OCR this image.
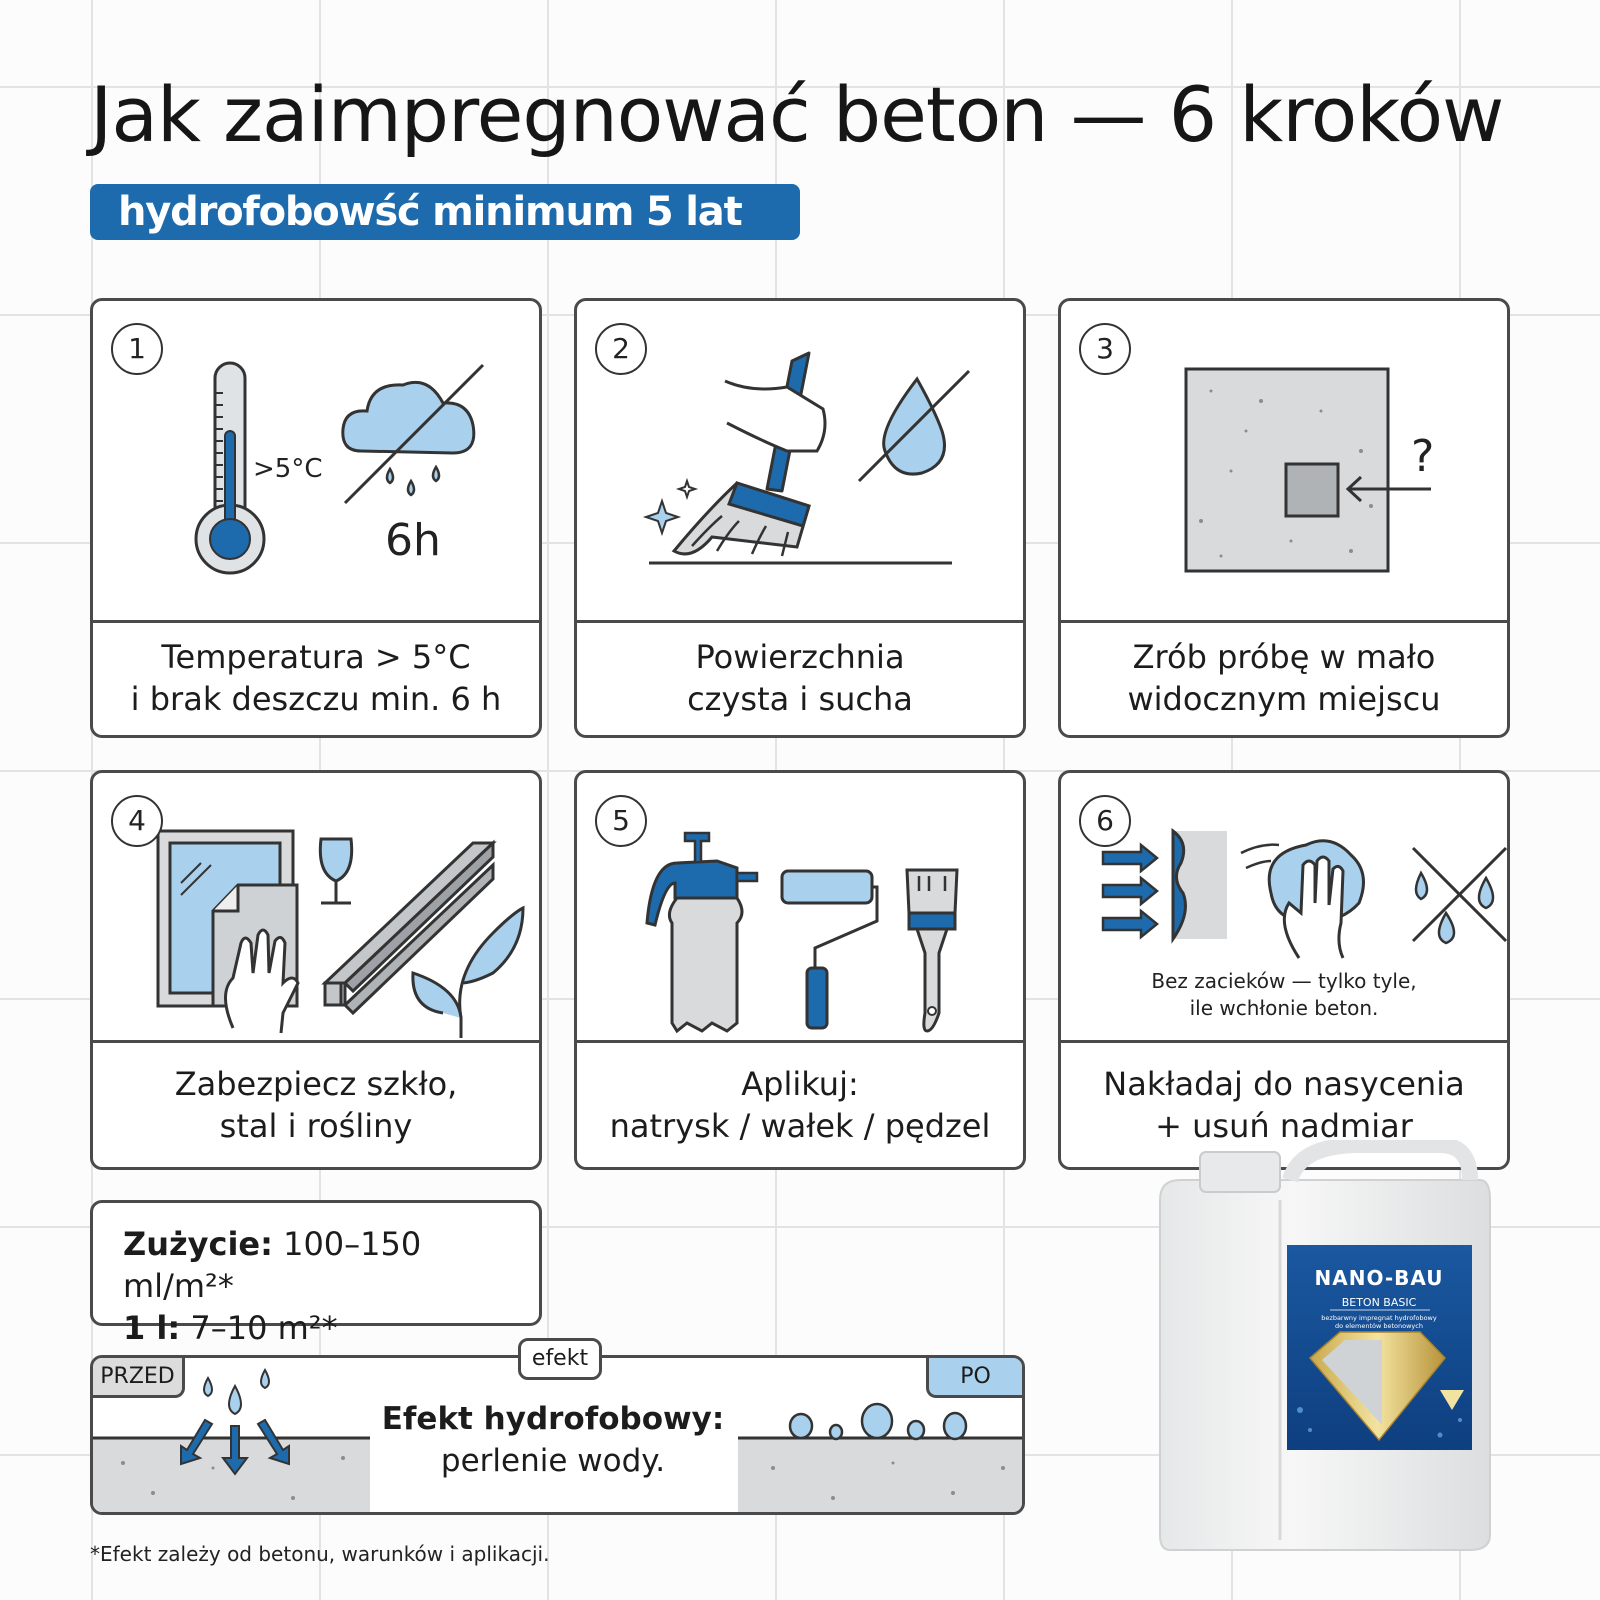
Jak zaimpregnować beton — 6 kroków
hydrofobowść minimum 5 lat
1
>5°C
6h
Temperatura > 5°C
i brak deszczu min. 6 h
2
Powierzchnia
czysta i sucha
3
?
Zrób próbę w mało
widocznym miejscu
4
Zabezpiecz szkło,
stal i rośliny
5
Aplikuj:
natrysk / wałek / pędzel
6
Bez zacieków — tylko tyle,
ile wchłonie beton.
Nakładaj do nasycenia
+ usuń nadmiar
Zużycie: 100–150 ml/m²*
1 l: 7–10 m²*
efekt
PRZED	PO
Efekt hydrofobowy:
perlenie wody.
*Efekt zależy od betonu, warunków i aplikacji.
NANO-BAU
BETON BASIC
bezbarwny impregnat hydrofobowy
do elementów betonowych
